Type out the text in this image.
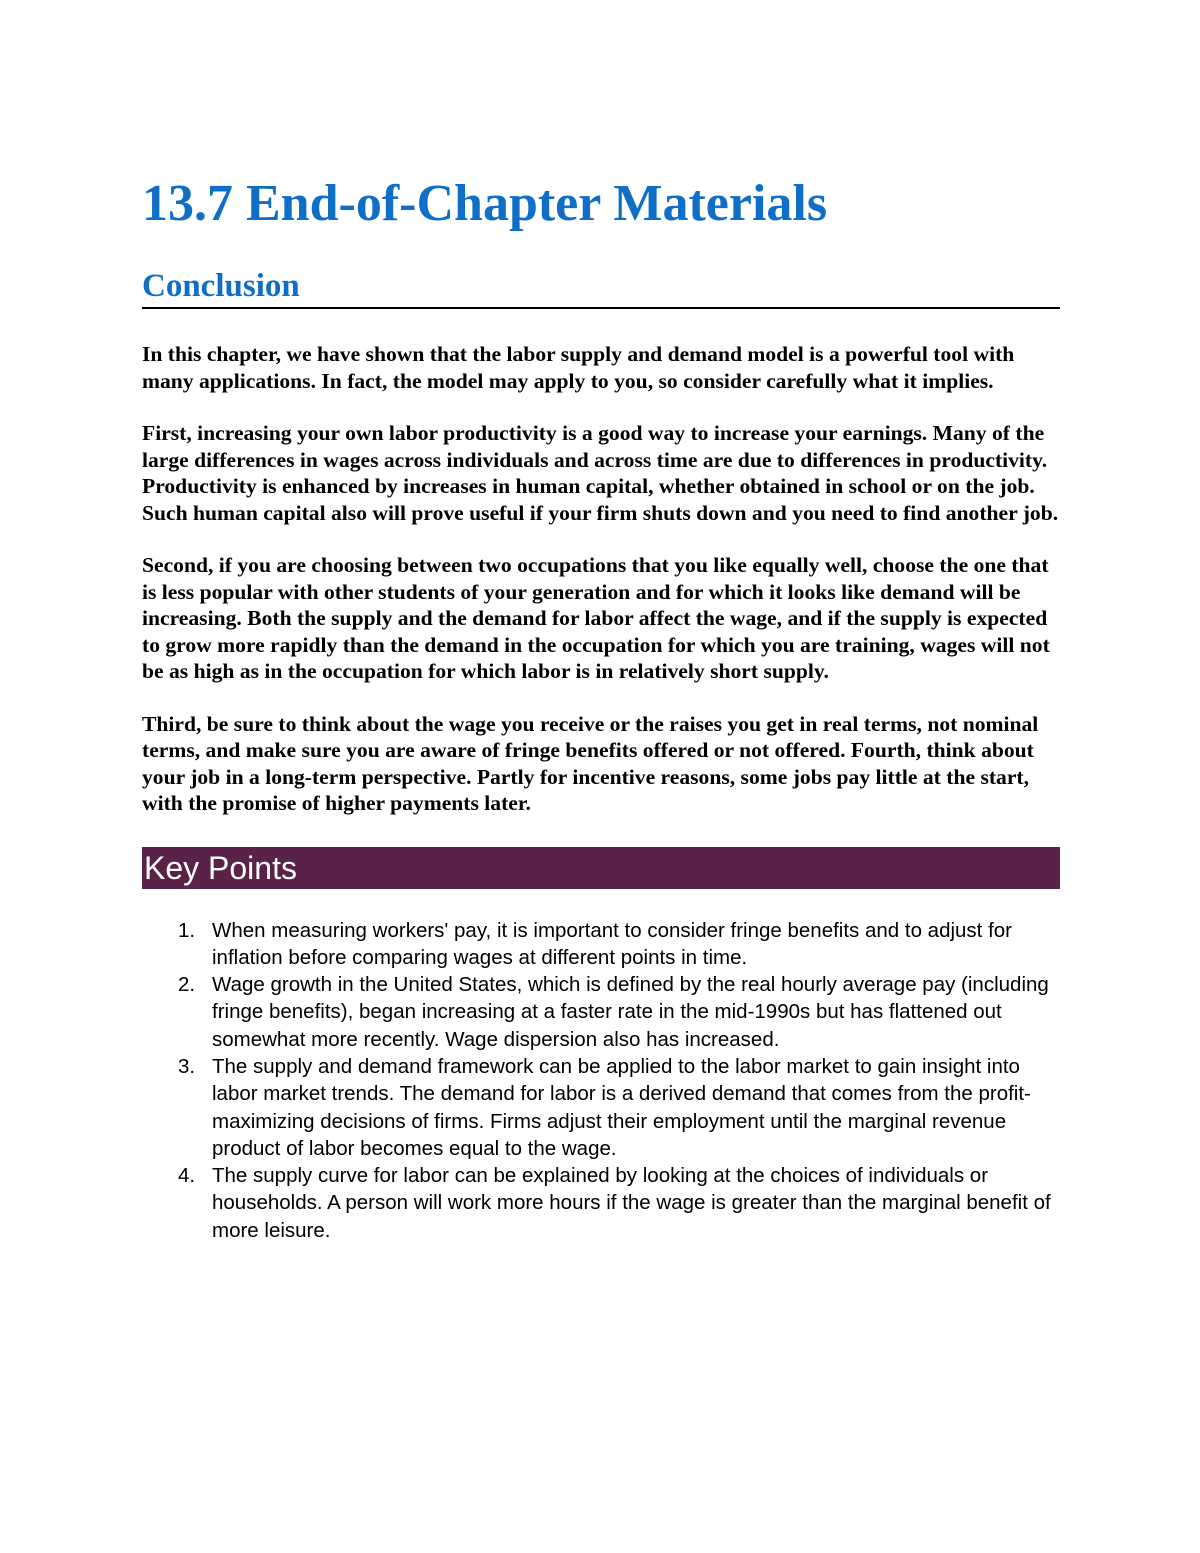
13.7 End-of-Chapter Materials
Conclusion

In this chapter, we have shown that the labor supply and demand model is a powerful tool with many applications. In fact, the model may apply to you, so consider carefully what it implies.

First, increasing your own labor productivity is a good way to increase your earnings. Many of the large differences in wages across individuals and across time are due to differences in productivity. Productivity is enhanced by increases in human capital, whether obtained in school or on the job. Such human capital also will prove useful if your firm shuts down and you need to find another job.

Second, if you are choosing between two occupations that you like equally well, choose the one that is less popular with other students of your generation and for which it looks like demand will be increasing. Both the supply and the demand for labor affect the wage, and if the supply is expected to grow more rapidly than the demand in the occupation for which you are training, wages will not be as high as in the occupation for which labor is in relatively short supply.

Third, be sure to think about the wage you receive or the raises you get in real terms, not nominal terms, and make sure you are aware of fringe benefits offered or not offered. Fourth, think about your job in a long-term perspective. Partly for incentive reasons, some jobs pay little at the start, with the promise of higher payments later.

Key Points
1. When measuring workers' pay, it is important to consider fringe benefits and to adjust for inflation before comparing wages at different points in time.
2. Wage growth in the United States, which is defined by the real hourly average pay (including fringe benefits), began increasing at a faster rate in the mid-1990s but has flattened out somewhat more recently. Wage dispersion also has increased.
3. The supply and demand framework can be applied to the labor market to gain insight into labor market trends. The demand for labor is a derived demand that comes from the profit-maximizing decisions of firms. Firms adjust their employment until the marginal revenue product of labor becomes equal to the wage.
4. The supply curve for labor can be explained by looking at the choices of individuals or households. A person will work more hours if the wage is greater than the marginal benefit of more leisure.
